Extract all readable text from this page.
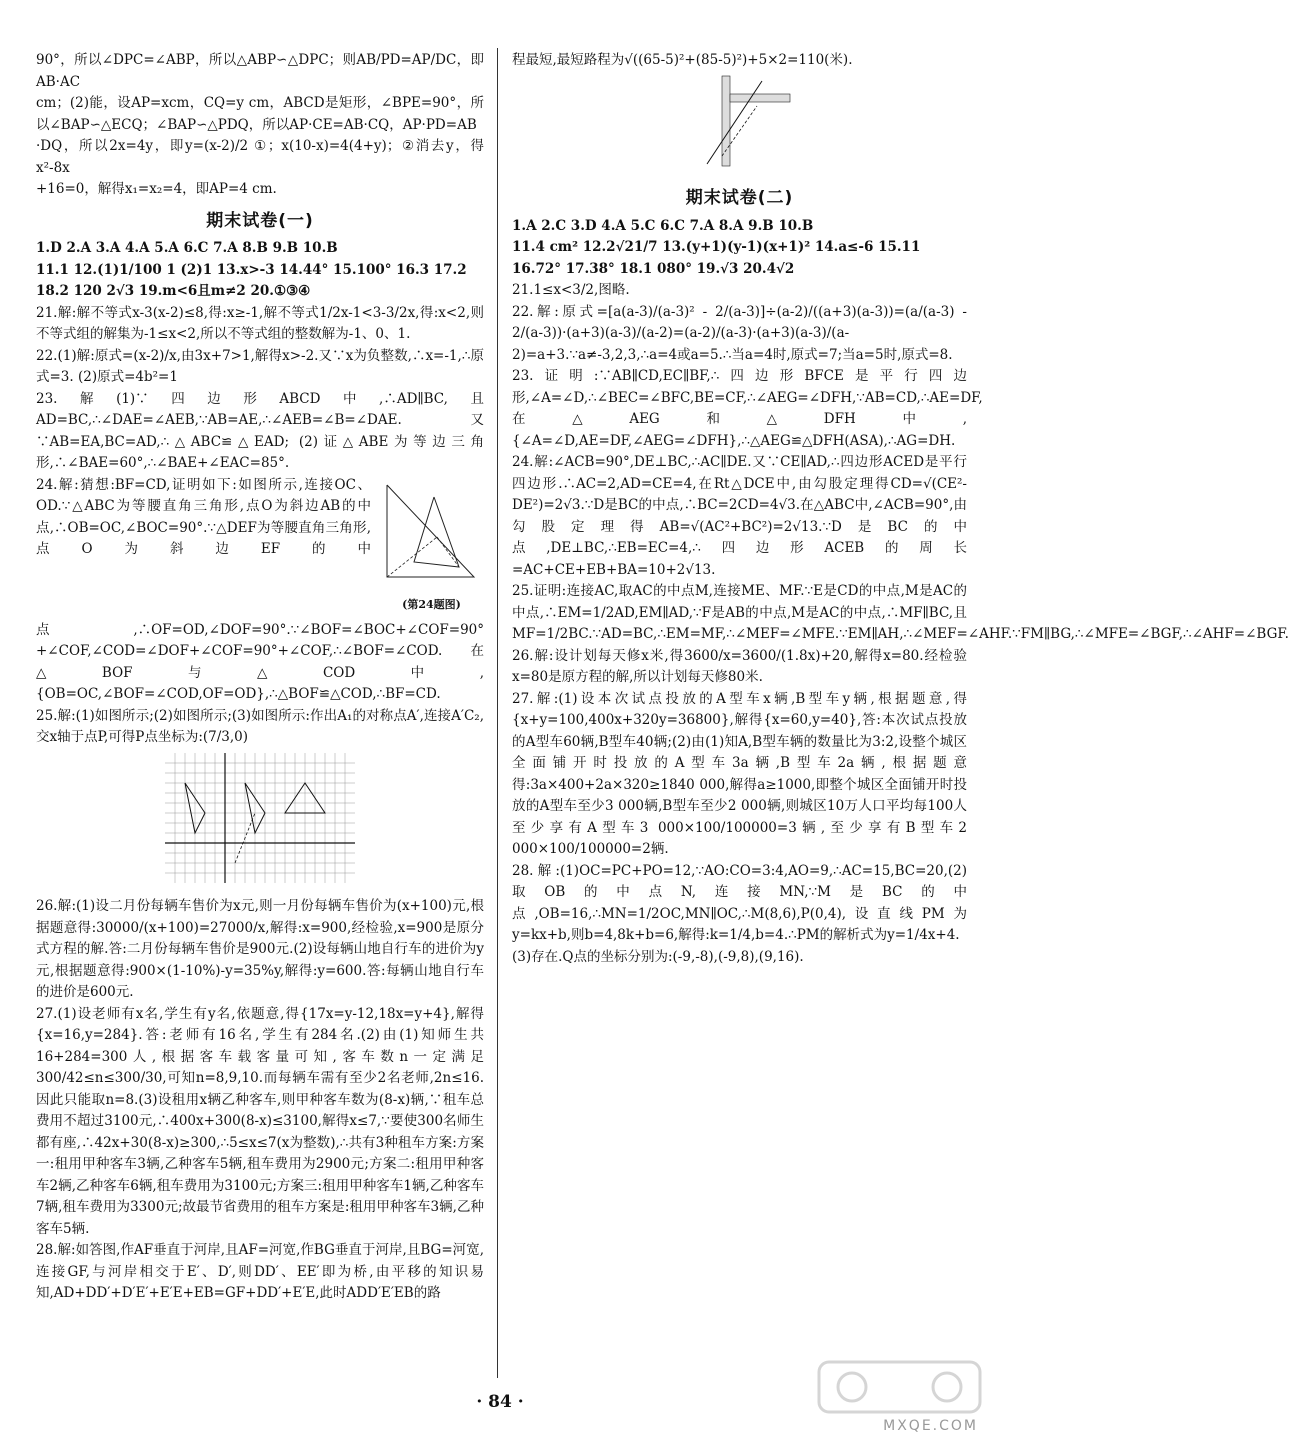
90°，所以∠DPC=∠ABP，所以△ABP∽△DPC；则AB/PD=AP/DC，即AB·AC

cm；(2)能，设AP=xcm，CQ=y cm，ABCD是矩形，∠BPE=90°，所以∠BAP∽△ECQ；∠BAP∽△PDQ，所以AP·CE=AB·CQ，AP·PD=AB

·DQ，所以2x=4y，即y=(x-2)/2 ①；x(10-x)=4(4+y)；②消去y，得x²-8x

+16=0，解得x₁=x₂=4，即AP=4 cm.

期末试卷(一)

1.D 2.A 3.A 4.A 5.A 6.C 7.A 8.B 9.B 10.B

11.1 12.(1)1/100 1 (2)1 13.x>-3 14.44° 15.100° 16.3 17.2

18.2 120 2√3 19.m<6且m≠2 20.①③④

21.解:解不等式x-3(x-2)≤8,得:x≥-1,解不等式1/2x-1<3-3/2x,得:x<2,则不等式组的解集为-1≤x<2,所以不等式组的整数解为-1、0、1.

22.(1)解:原式=(x-2)/x,由3x+7>1,解得x>-2.又∵x为负整数,∴x=-1,∴原式=3. (2)原式=4b²=1

23.解(1)∵四边形ABCD中,∴AD∥BC,且AD=BC,∴∠DAE=∠AEB,∵AB=AE,∴∠AEB=∠B=∠DAE.又∵AB=EA,BC=AD,∴△ABC≌△EAD; (2)证△ABE为等边三角形,∴∠BAE=60°,∴∠BAE+∠EAC=85°.

(第24题图)

24.解:猜想:BF=CD,证明如下:如图所示,连接OC、OD.∵△ABC为等腰直角三角形,点O为斜边AB的中点,∴OB=OC,∠BOC=90°.∵△DEF为等腰直角三角形,点O为斜边EF的中点,∴OF=OD,∠DOF=90°.∵∠BOF=∠BOC+∠COF=90°+∠COF,∠COD=∠DOF+∠COF=90°+∠COF,∴∠BOF=∠COD.在△BOF与△COD中,{OB=OC,∠BOF=∠COD,OF=OD},∴△BOF≌△COD,∴BF=CD.

25.解:(1)如图所示;(2)如图所示;(3)如图所示:作出A₁的对称点A′,连接A′C₂,交x轴于点P,可得P点坐标为:(7/3,0)

26.解:(1)设二月份每辆车售价为x元,则一月份每辆车售价为(x+100)元,根据题意得:30000/(x+100)=27000/x,解得:x=900,经检验,x=900是原分式方程的解.答:二月份每辆车售价是900元.(2)设每辆山地自行车的进价为y元,根据题意得:900×(1-10%)-y=35%y,解得:y=600.答:每辆山地自行车的进价是600元.

27.(1)设老师有x名,学生有y名,依题意,得{17x=y-12,18x=y+4},解得{x=16,y=284}.答:老师有16名,学生有284名.(2)由(1)知师生共16+284=300人,根据客车载客量可知,客车数n一定满足300/42≤n≤300/30,可知n=8,9,10.而每辆车需有至少2名老师,2n≤16.因此只能取n=8.(3)设租用x辆乙种客车,则甲种客车数为(8-x)辆,∵租车总费用不超过3100元,∴400x+300(8-x)≤3100,解得x≤7,∵要使300名师生都有座,∴42x+30(8-x)≥300,∴5≤x≤7(x为整数),∴共有3种租车方案:方案一:租用甲种客车3辆,乙种客车5辆,租车费用为2900元;方案二:租用甲种客车2辆,乙种客车6辆,租车费用为3100元;方案三:租用甲种客车1辆,乙种客车7辆,租车费用为3300元;故最节省费用的租车方案是:租用甲种客车3辆,乙种客车5辆.

28.解:如答图,作AF垂直于河岸,且AF=河宽,作BG垂直于河岸,且BG=河宽,连接GF,与河岸相交于E′、D′,则DD′、EE′即为桥,由平移的知识易知,AD+DD′+D′E′+E′E+EB=GF+DD′+E′E,此时ADD′E′EB的路

程最短,最短路程为√((65-5)²+(85-5)²)+5×2=110(米).

期末试卷(二)

1.A 2.C 3.D 4.A 5.C 6.C 7.A 8.A 9.B 10.B

11.4 cm² 12.2√21/7 13.(y+1)(y-1)(x+1)² 14.a≤-6 15.11

16.72° 17.38° 18.1 080° 19.√3 20.4√2

21.1≤x<3/2,图略.

22.解:原式=[a(a-3)/(a-3)² - 2/(a-3)]÷(a-2)/((a+3)(a-3))=(a/(a-3) - 2/(a-3))·(a+3)(a-3)/(a-2)=(a-2)/(a-3)·(a+3)(a-3)/(a-2)=a+3.∵a≠-3,2,3,∴a=4或a=5.∴当a=4时,原式=7;当a=5时,原式=8.

23.证明:∵AB∥CD,EC∥BF,∴四边形BFCE是平行四边形,∠A=∠D,∴∠BEC=∠BFC,BE=CF,∴∠AEG=∠DFH,∵AB=CD,∴AE=DF,在△AEG和△DFH中,{∠A=∠D,AE=DF,∠AEG=∠DFH},∴△AEG≌△DFH(ASA),∴AG=DH.

24.解:∠ACB=90°,DE⊥BC,∴AC∥DE.又∵CE∥AD,∴四边形ACED是平行四边形.∴AC=2,AD=CE=4,在Rt△DCE中,由勾股定理得CD=√(CE²-DE²)=2√3.∵D是BC的中点,∴BC=2CD=4√3.在△ABC中,∠ACB=90°,由勾股定理得AB=√(AC²+BC²)=2√13.∵D是BC的中点,DE⊥BC,∴EB=EC=4,∴四边形ACEB的周长=AC+CE+EB+BA=10+2√13.

25.证明:连接AC,取AC的中点M,连接ME、MF.∵E是CD的中点,M是AC的中点,∴EM=1/2AD,EM∥AD,∵F是AB的中点,M是AC的中点,∴MF∥BC,且MF=1/2BC.∵AD=BC,∴EM=MF,∴∠MEF=∠MFE.∵EM∥AH,∴∠MEF=∠AHF.∵FM∥BG,∴∠MFE=∠BGF,∴∠AHF=∠BGF.

26.解:设计划每天修x米,得3600/x=3600/(1.8x)+20,解得x=80.经检验x=80是原方程的解,所以计划每天修80米.

27.解:(1)设本次试点投放的A型车x辆,B型车y辆,根据题意,得{x+y=100,400x+320y=36800},解得{x=60,y=40},答:本次试点投放的A型车60辆,B型车40辆;(2)由(1)知A,B型车辆的数量比为3:2,设整个城区全面铺开时投放的A型车3a辆,B型车2a辆,根据题意得:3a×400+2a×320≥1840 000,解得a≥1000,即整个城区全面铺开时投放的A型车至少3 000辆,B型车至少2 000辆,则城区10万人口平均每100人至少享有A型车3 000×100/100000=3辆,至少享有B型车2 000×100/100000=2辆.

28.解:(1)OC=PC+PO=12,∵AO:CO=3:4,AO=9,∴AC=15,BC=20,(2)取OB的中点N,连接MN,∵M是BC的中点,OB=16,∴MN=1/2OC,MN∥OC,∴M(8,6),P(0,4),设直线PM为y=kx+b,则b=4,8k+b=6,解得:k=1/4,b=4.∴PM的解析式为y=1/4x+4.

(3)存在.Q点的坐标分别为:(-9,-8),(-9,8),(9,16).

· 84 ·
MXQE.COM
